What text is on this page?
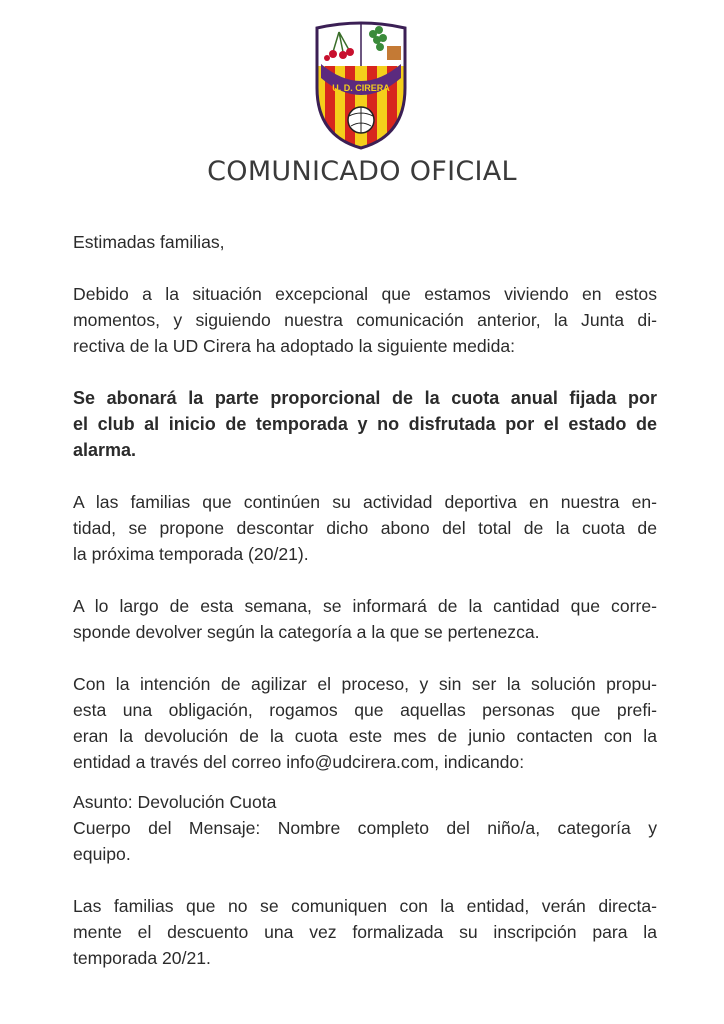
U. D. CIRERA
COMUNICADO OFICIAL
Estimadas familias,
Debido a la situación excepcional que estamos viviendo en estos
momentos, y siguiendo nuestra comunicación anterior, la Junta di-
rectiva de la UD Cirera ha adoptado la siguiente medida:
Se abonará la parte proporcional de la cuota anual fijada por
el club al inicio de temporada y no disfrutada por el estado de
alarma.
A las familias que continúen su actividad deportiva en nuestra en-
tidad, se propone descontar dicho abono del total de la cuota de
la próxima temporada (20/21).
A lo largo de esta semana, se informará de la cantidad que corre-
sponde devolver según la categoría a la que se pertenezca.
Con la intención de agilizar el proceso, y sin ser la solución propu-
esta una obligación, rogamos que aquellas personas que prefi-
eran la devolución de la cuota este mes de junio contacten con la
entidad a través del correo info@udcirera.com, indicando:
Asunto: Devolución Cuota
Cuerpo del Mensaje: Nombre completo del niño/a, categoría y
equipo.
Las familias que no se comuniquen con la entidad, verán directa-
mente el descuento una vez formalizada su inscripción para la
temporada 20/21.
